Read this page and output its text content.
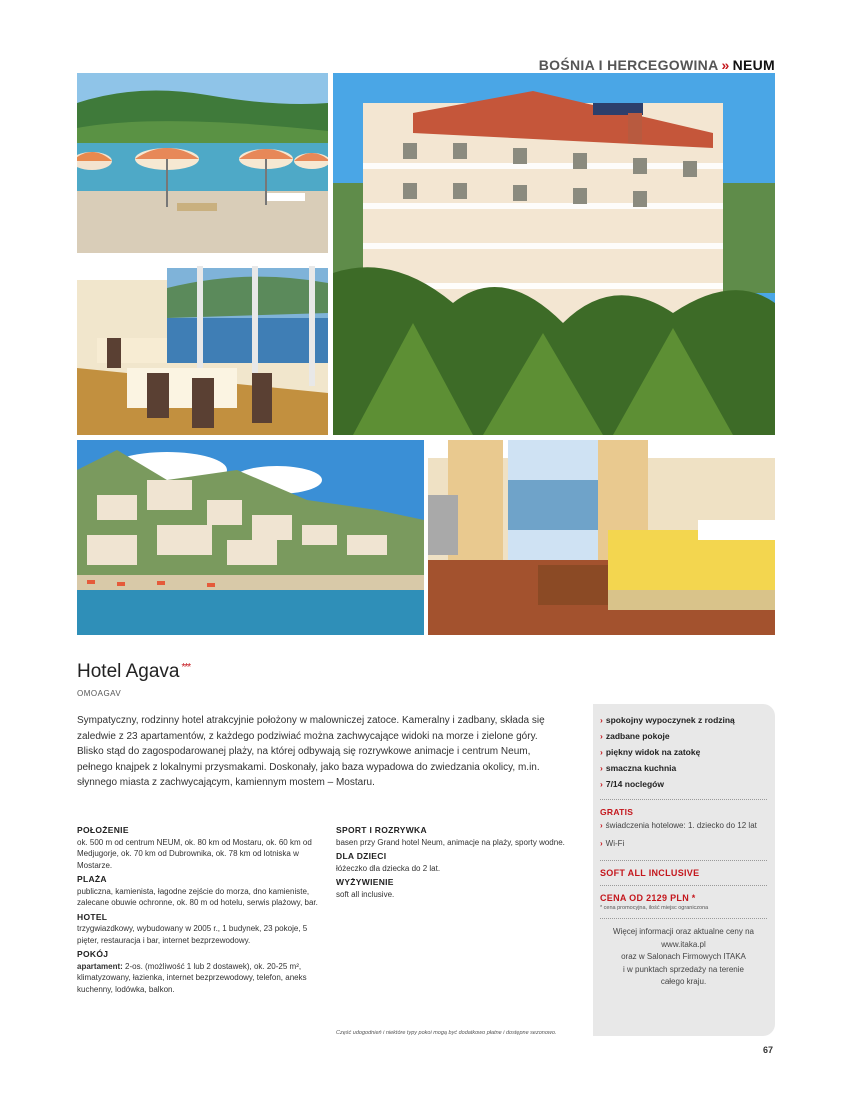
BOŚNIA I HERCEGOWINA » NEUM
Hotel Agava ***
OMOAGAV
Sympatyczny, rodzinny hotel atrakcyjnie położony w malowniczej zatoce. Kameralny i zadbany, składa się zaledwie z 23 apartamentów, z każdego podziwiać można zachwycające widoki na morze i zielone góry. Blisko stąd do zagospodarowanej plaży, na której odbywają się rozrywkowe animacje i centrum Neum, pełnego knajpek z lokalnymi przysmakami. Doskonały, jako baza wypadowa do zwiedzania okolicy, m.in. słynnego miasta z zachwycającym, kamiennym mostem – Mostaru.
POŁOŻENIE

ok. 500 m od centrum NEUM, ok. 80 km od Mostaru, ok. 60 km od Medjugorje, ok. 70 km od Dubrownika, ok. 78 km od lotniska w Mostarze.

PLAŻA

publiczna, kamienista, łagodne zejście do morza, dno kamieniste, zalecane obuwie ochronne, ok. 80 m od hotelu, serwis plażowy, bar.

HOTEL

trzygwiazdkowy, wybudowany w 2005 r., 1 budynek, 23 pokoje, 5 pięter, restauracja i bar, internet bezprzewodowy.

POKÓJ

apartament: 2-os. (możliwość 1 lub 2 dostawek), ok. 20-25 m², klimatyzowany, łazienka, internet bezprzewodowy, telefon, aneks kuchenny, lodówka, balkon.

SPORT I ROZRYWKA

basen przy Grand hotel Neum, animacje na plaży, sporty wodne.

DLA DZIECI

łóżeczko dla dziecka do 2 lat.

WYŻYWIENIE

soft all inclusive.

Część udogodnień i niektóre typy pokoi mogą być dodatkowo płatne i dostępne sezonowo.
› spokojny wypoczynek z rodziną
› zadbane pokoje
› piękny widok na zatokę
› smaczna kuchnia
› 7/14 noclegów
GRATIS
› świadczenia hotelowe: 1. dziecko do 12 lat
› Wi-Fi
SOFT ALL INCLUSIVE
CENA OD 2129 PLN *
* cena promocyjna, ilość miejsc ograniczona
Więcej informacji oraz aktualne ceny na
www.itaka.pl
oraz w Salonach Firmowych ITAKA
i w punktach sprzedaży na terenie
całego kraju.
67
